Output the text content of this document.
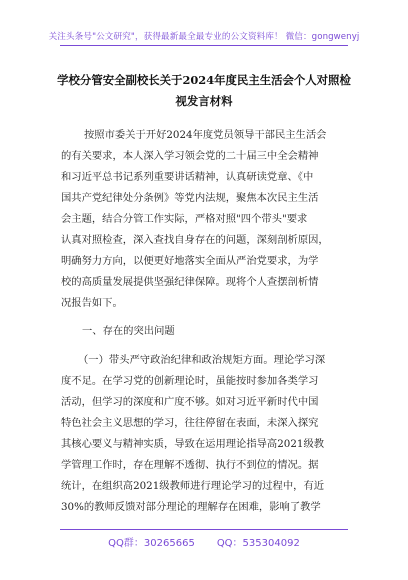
关注头条号"公文研究"，获得最新最全最专业的公文资料库！ 微信：gongwenyj
学校分管安全副校长关于2024年度民主生活会个人对照检
视发言材料
按照市委关于开好2024年度党员领导干部民主生活会
的有关要求，本人深入学习领会党的二十届三中全会精神
和习近平总书记系列重要讲话精神，认真研读党章、《中
国共产党纪律处分条例》等党内法规，聚焦本次民主生活
会主题，结合分管工作实际，严格对照"四个带头"要求
认真对照检查，深入查找自身存在的问题，深刻剖析原因，
明确努力方向，以便更好地落实全面从严治党要求，为学
校的高质量发展提供坚强纪律保障。现将个人查摆剖析情
况报告如下。
一、存在的突出问题
（一）带头严守政治纪律和政治规矩方面。理论学习深
度不足。在学习党的创新理论时，虽能按时参加各类学习
活动，但学习的深度和广度不够。如对习近平新时代中国
特色社会主义思想的学习，往往停留在表面，未深入探究
其核心要义与精神实质，导致在运用理论指导高2021级教
学管理工作时，存在理解不透彻、执行不到位的情况。据
统计，在组织高2021级教师进行理论学习的过程中，有近
30%的教师反馈对部分理论的理解存在困难，影响了教学
QQ群：30265665 QQ：535304092
